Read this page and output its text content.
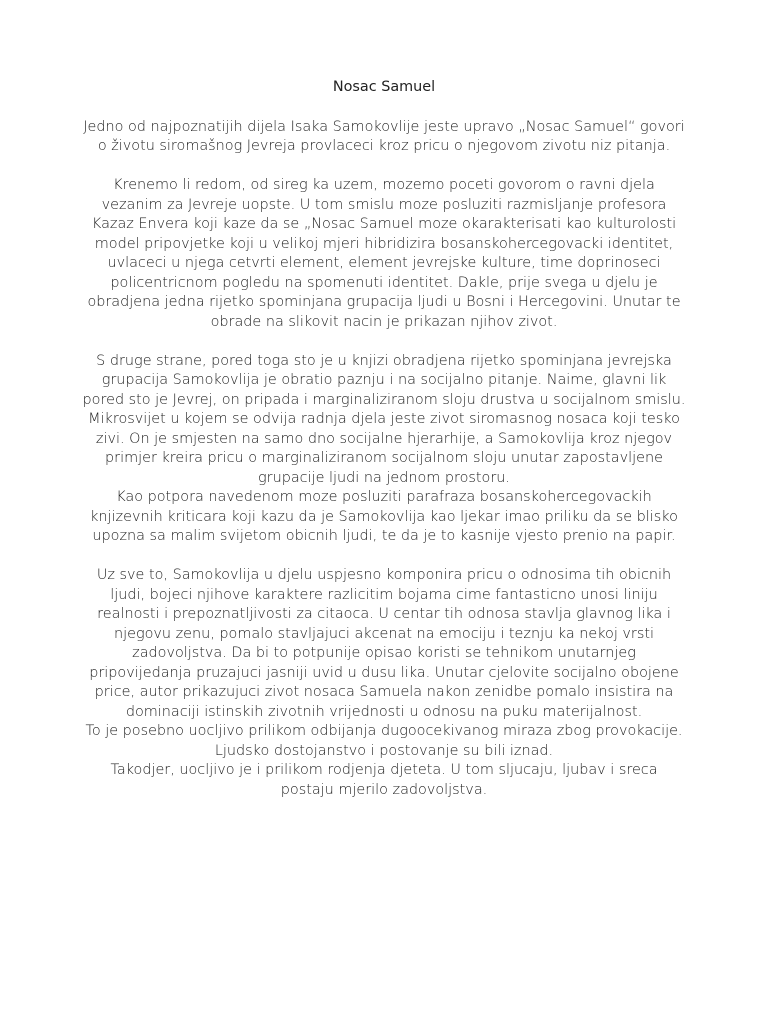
Nosac Samuel

Jedno od najpoznatijih dijela Isaka Samokovlije jeste upravo „Nosac Samuel“ govori o životu siromašnog Jevreja provlaceci kroz pricu o njegovom zivotu niz pitanja.

Krenemo li redom, od sireg ka uzem, mozemo poceti govorom o ravni djela vezanim za Jevreje uopste. U tom smislu moze posluziti razmisljanje profesora Kazaz Envera koji kaze da se „Nosac Samuel moze okarakterisati kao kulturolosti model pripovjetke koji u velikoj mjeri hibridizira bosanskohercegovacki identitet, uvlaceci u njega cetvrti element, element jevrejske kulture, time doprinoseci policentricnom pogledu na spomenuti identitet. Dakle, prije svega u djelu je obradjena jedna rijetko spominjana grupacija ljudi u Bosni i Hercegovini. Unutar te obrade na slikovit nacin je prikazan njihov zivot.

S druge strane, pored toga sto je u knjizi obradjena rijetko spominjana jevrejska grupacija Samokovlija je obratio paznju i na socijalno pitanje. Naime, glavni lik pored sto je Jevrej, on pripada i marginaliziranom sloju drustva u socijalnom smislu. Mikrosvijet u kojem se odvija radnja djela jeste zivot siromasnog nosaca koji tesko zivi. On je smjesten na samo dno socijalne hjerarhije, a Samokovlija kroz njegov primjer kreira pricu o marginaliziranom socijalnom sloju unutar zapostavljene grupacije ljudi na jednom prostoru.

Kao potpora navedenom moze posluziti parafraza bosanskohercegovackih knjizevnih kriticara koji kazu da je Samokovlija kao ljekar imao priliku da se blisko upozna sa malim svijetom obicnih ljudi, te da je to kasnije vjesto prenio na papir.

Uz sve to, Samokovlija u djelu uspjesno komponira pricu o odnosima tih obicnih ljudi, bojeci njihove karaktere razlicitim bojama cime fantasticno unosi liniju realnosti i prepoznatljivosti za citaoca. U centar tih odnosa stavlja glavnog lika i njegovu zenu, pomalo stavljajuci akcenat na emociju i teznju ka nekoj vrsti zadovoljstva. Da bi to potpunije opisao koristi se tehnikom unutarnjeg pripovijedanja pruzajuci jasniji uvid u dusu lika. Unutar cjelovite socijalno obojene price, autor prikazujuci zivot nosaca Samuela nakon zenidbe pomalo insistira na dominaciji istinskih zivotnih vrijednosti u odnosu na puku materijalnost.

To je posebno uocljivo prilikom odbijanja dugoocekivanog miraza zbog provokacije. Ljudsko dostojanstvo i postovanje su bili iznad.

Takodjer, uocljivo je i prilikom rodjenja djeteta. U tom sljucaju, ljubav i sreca postaju mjerilo zadovoljstva.
